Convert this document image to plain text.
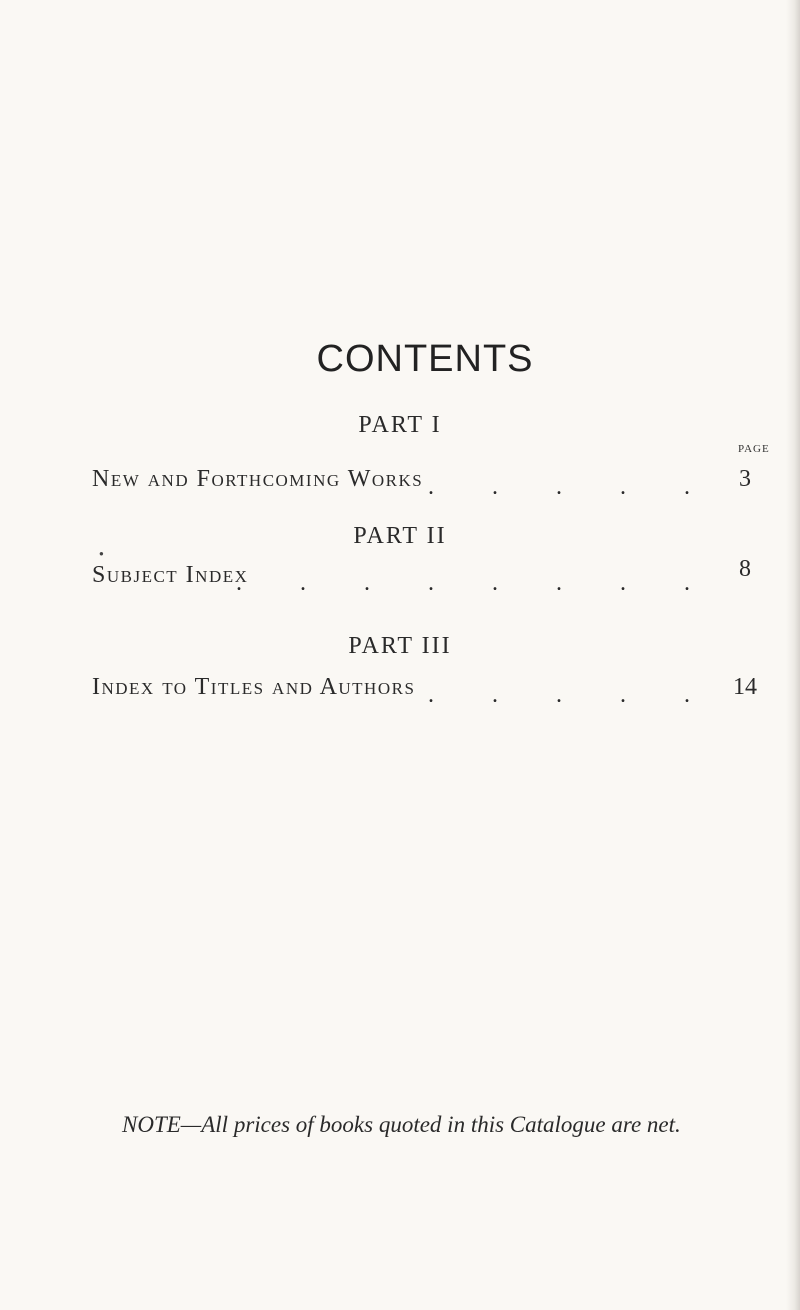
CONTENTS
PART I
PAGE
New and Forthcoming Works . . . . . 3
PART II
●
Subject Index
. . . . . . . .
8
PART III
Index to Titles and Authors . . . . . 14
NOTE—All prices of books quoted in this Catalogue are net.
